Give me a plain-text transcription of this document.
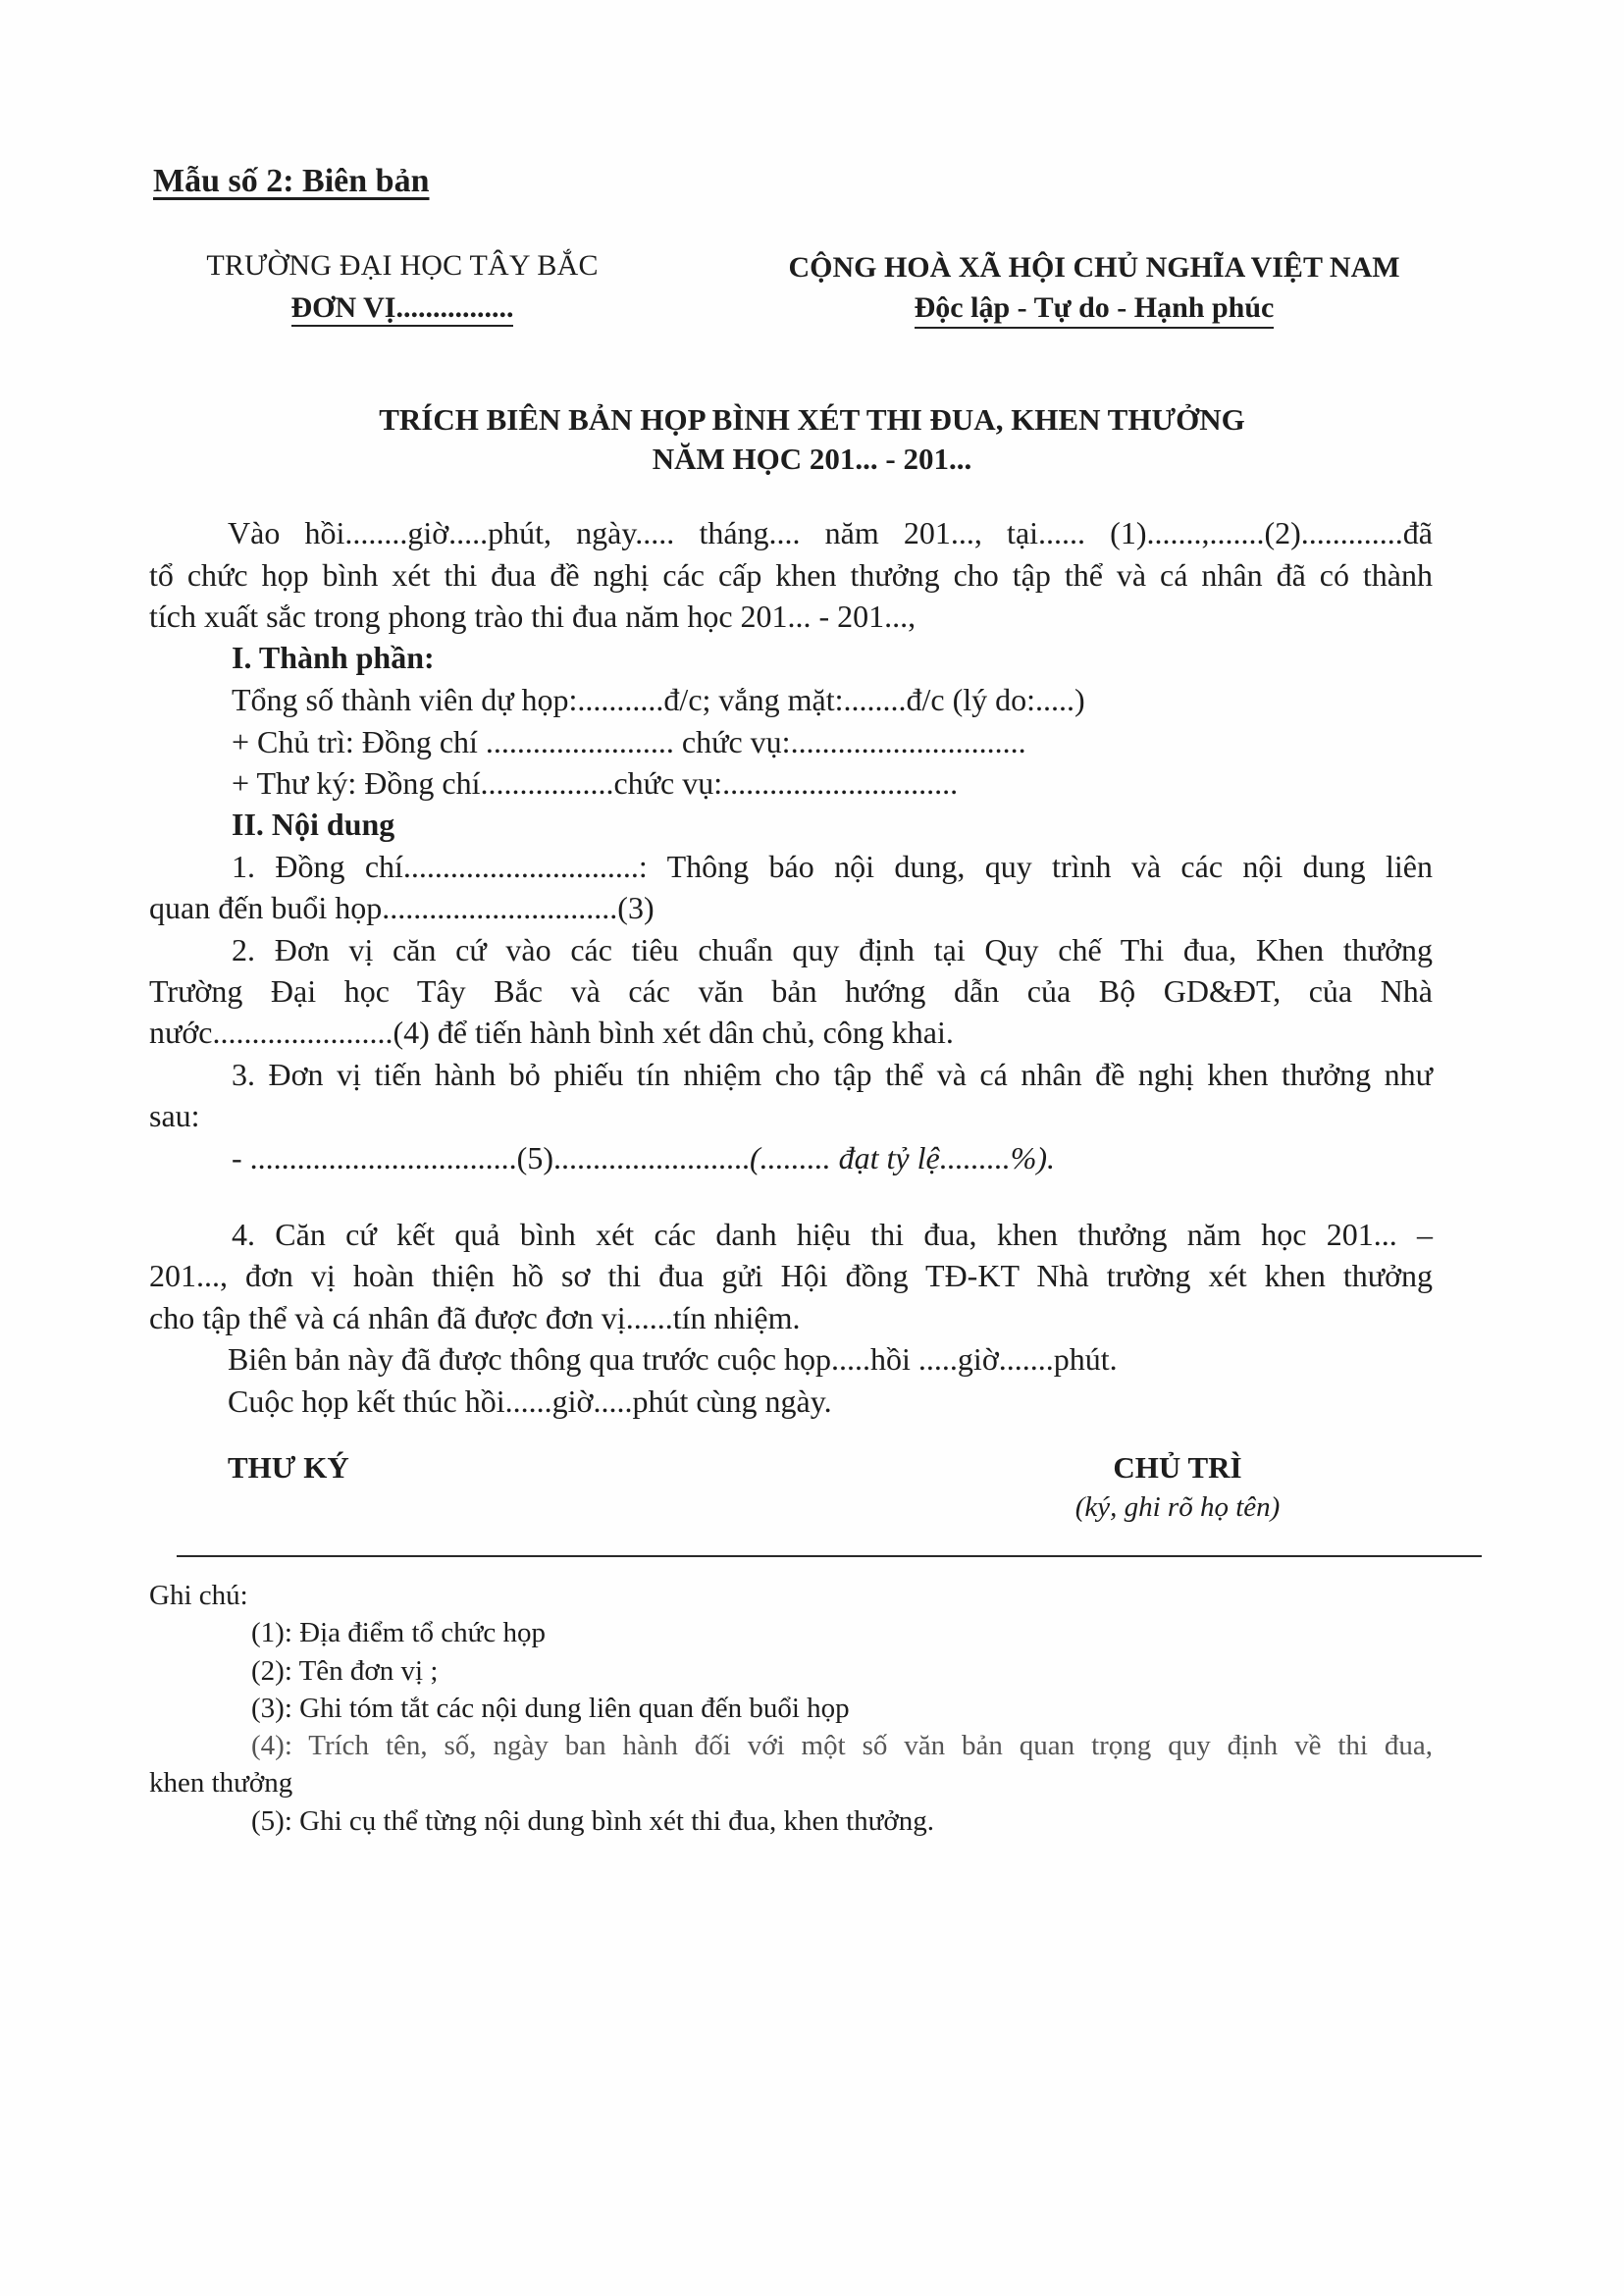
Mẫu số 2: Biên bản
TRƯỜNG ĐẠI HỌC TÂY BẮC
ĐƠN VỊ................
CỘNG HOÀ XÃ HỘI CHỦ NGHĨA VIỆT NAM
Độc lập - Tự do - Hạnh phúc
TRÍCH BIÊN BẢN HỌP BÌNH XÉT THI ĐUA, KHEN THƯỞNG
NĂM HỌC 201... - 201...
Vào hồi........giờ.....phút, ngày..... tháng.... năm 201..., tại...... (1).......,.......(2).............đã
tổ chức họp bình xét thi đua đề nghị các cấp khen thưởng cho tập thể và cá nhân đã có thành
tích xuất sắc trong phong trào thi đua năm học 201... - 201...,
I. Thành phần:
Tổng số thành viên dự họp:...........đ/c; vắng mặt:........đ/c (lý do:.....)
+ Chủ trì: Đồng chí ........................ chức vụ:..............................
+ Thư ký: Đồng chí.................chức vụ:..............................
II. Nội dung
1. Đồng chí..............................: Thông báo nội dung, quy trình và các nội dung liên
quan đến buổi họp..............................(3)
2. Đơn vị căn cứ vào các tiêu chuẩn quy định tại Quy chế Thi đua, Khen thưởng
Trường Đại học Tây Bắc và các văn bản hướng dẫn của Bộ GD&ĐT, của Nhà
nước.......................(4) để tiến hành bình xét dân chủ, công khai.
3. Đơn vị tiến hành bỏ phiếu tín nhiệm cho tập thể và cá nhân đề nghị khen thưởng như
sau:
- ..................................(5).........................(......... đạt tỷ lệ.........%).
4. Căn cứ kết quả bình xét các danh hiệu thi đua, khen thưởng năm học 201... –
201..., đơn vị hoàn thiện hồ sơ thi đua gửi Hội đồng TĐ-KT Nhà trường xét khen thưởng
cho tập thể và cá nhân đã được đơn vị......tín nhiệm.
Biên bản này đã được thông qua trước cuộc họp.....hồi .....giờ.......phút.
Cuộc họp kết thúc hồi......giờ.....phút cùng ngày.
THƯ KÝ	CHỦ TRÌ
(ký, ghi rõ họ tên)
Ghi chú:
(1): Địa điểm tổ chức họp
(2): Tên đơn vị ;
(3): Ghi tóm tắt các nội dung liên quan đến buổi họp
(4): Trích tên, số, ngày ban hành đối với một số văn bản quan trọng quy định về thi đua,
khen thưởng
(5): Ghi cụ thể từng nội dung bình xét thi đua, khen thưởng.
